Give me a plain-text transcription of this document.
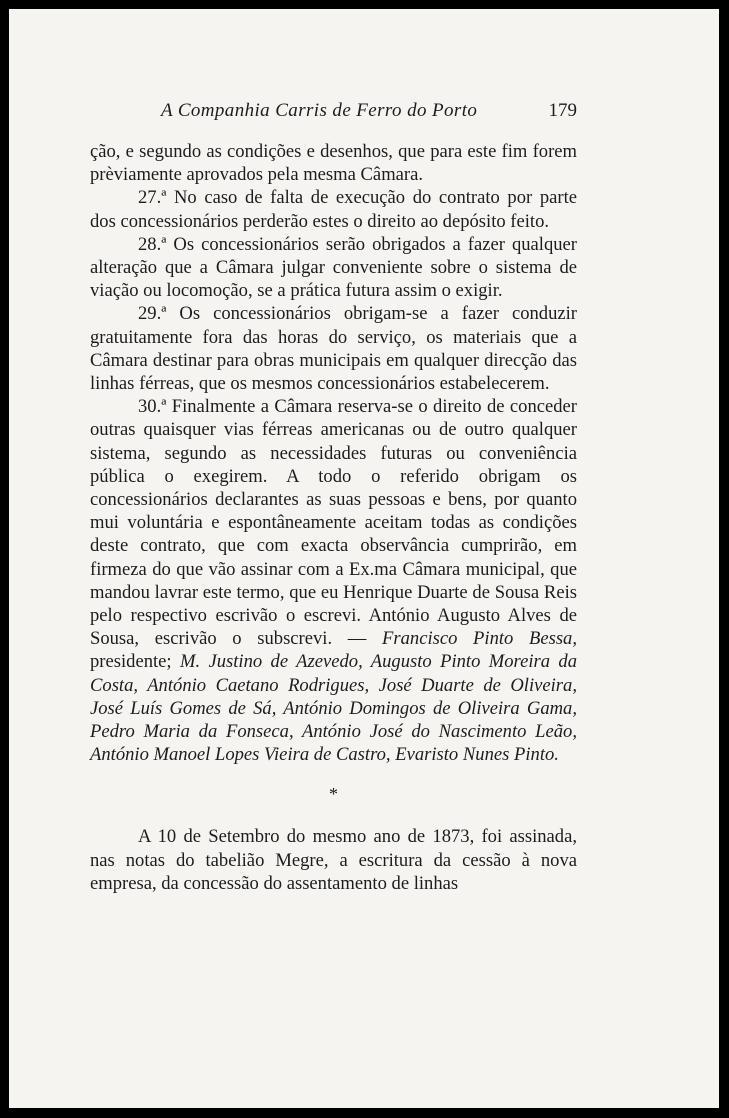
A Companhia Carris de Ferro do Porto	179

ção, e segundo as condições e desenhos, que para este fim forem prèviamente aprovados pela mesma Câmara.

27.ª No caso de falta de execução do contrato por parte dos concessionários perderão estes o direito ao depósito feito.

28.ª Os concessionários serão obrigados a fazer qualquer alteração que a Câmara julgar conveniente sobre o sistema de viação ou locomoção, se a prática futura assim o exigir.

29.ª Os concessionários obrigam-se a fazer conduzir gratuitamente fora das horas do serviço, os materiais que a Câmara destinar para obras municipais em qualquer direcção das linhas férreas, que os mesmos concessionários estabelecerem.

30.ª Finalmente a Câmara reserva-se o direito de conceder outras quaisquer vias férreas americanas ou de outro qualquer sistema, segundo as necessidades futuras ou conveniência pública o exegirem. A todo o referido obrigam os concessionários declarantes as suas pessoas e bens, por quanto mui voluntária e espontâneamente aceitam todas as condições deste contrato, que com exacta observância cumprirão, em firmeza do que vão assinar com a Ex.ma Câmara municipal, que mandou lavrar este termo, que eu Henrique Duarte de Sousa Reis pelo respectivo escrivão o escrevi. António Augusto Alves de Sousa, escrivão o subscrevi. — Francisco Pinto Bessa, presidente; M. Justino de Azevedo, Augusto Pinto Moreira da Costa, António Caetano Rodrigues, José Duarte de Oliveira, José Luís Gomes de Sá, António Domingos de Oliveira Gama, Pedro Maria da Fonseca, António José do Nascimento Leão, António Manoel Lopes Vieira de Castro, Evaristo Nunes Pinto.

*

A 10 de Setembro do mesmo ano de 1873, foi assinada, nas notas do tabelião Megre, a escritura da cessão à nova empresa, da concessão do assentamento de linhas
